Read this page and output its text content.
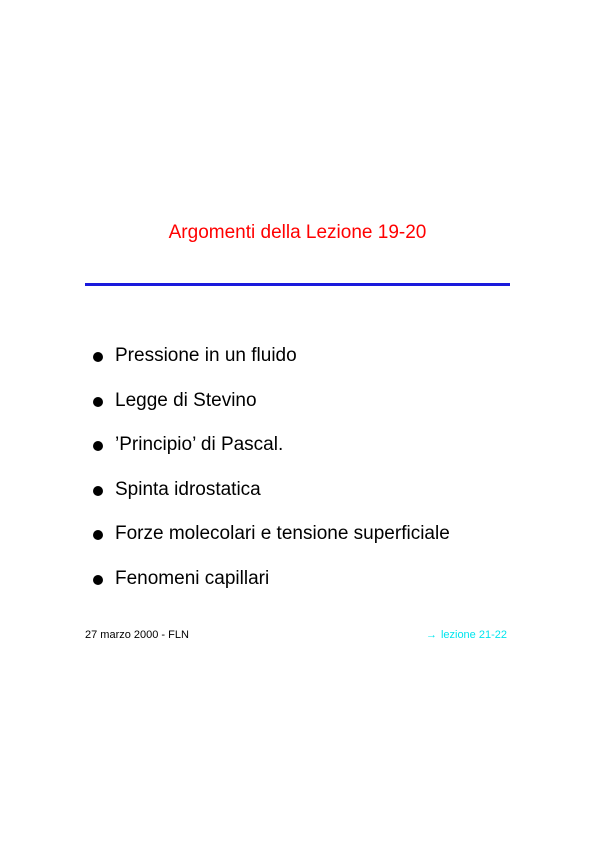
Argomenti della Lezione 19-20
Pressione in un fluido
Legge di Stevino
’Principio’ di Pascal.
Spinta idrostatica
Forze molecolari e tensione superficiale
Fenomeni capillari
27 marzo 2000 - FLN	→ lezione 21-22
